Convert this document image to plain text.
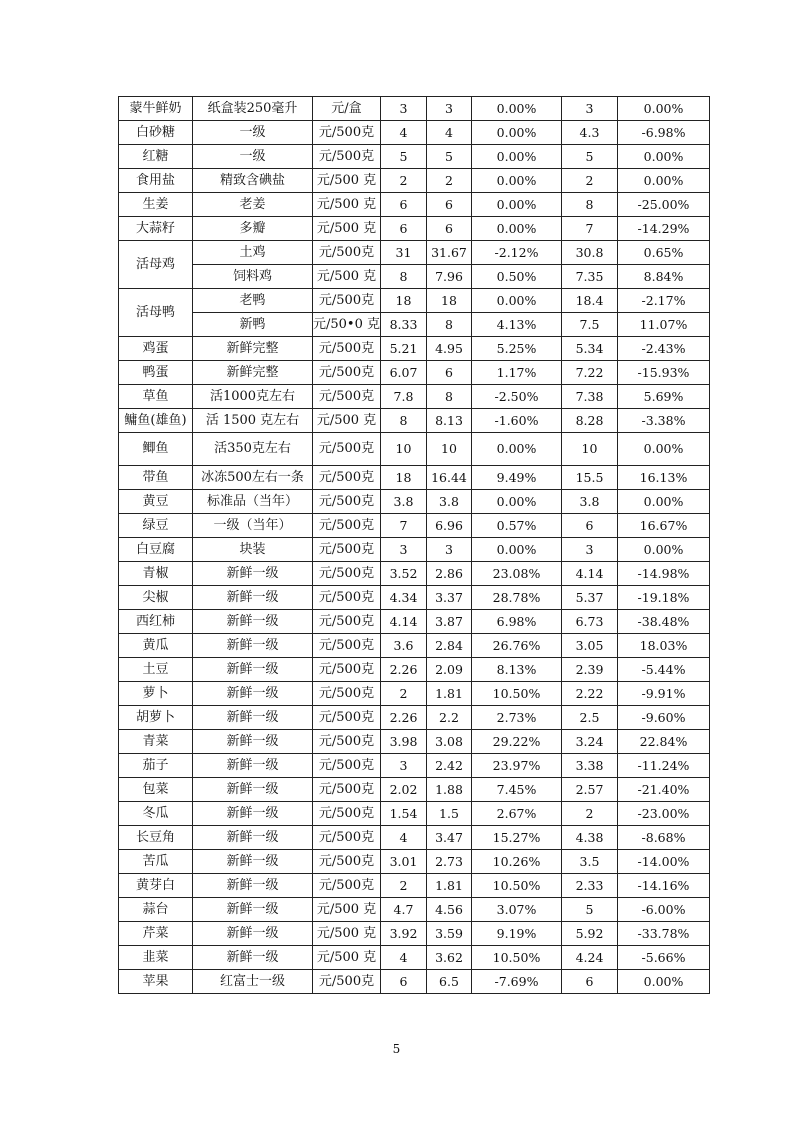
蒙牛鲜奶	纸盒装250毫升	元/盒	3	3	0.00%	3	0.00%
白砂糖	一级	元/500克	4	4	0.00%	4.3	-6.98%
红糖	一级	元/500克	5	5	0.00%	5	0.00%
食用盐	精致含碘盐	元/500 克	2	2	0.00%	2	0.00%
生姜	老姜	元/500 克	6	6	0.00%	8	-25.00%
大蒜籽	多瓣	元/500 克	6	6	0.00%	7	-14.29%
活母鸡	土鸡	元/500克	31	31.67	-2.12%	30.8	0.65%
	饲料鸡	元/500 克	8	7.96	0.50%	7.35	8.84%
活母鸭	老鸭	元/500克	18	18	0.00%	18.4	-2.17%
	新鸭	元/50•0 克	8.33	8	4.13%	7.5	11.07%
鸡蛋	新鲜完整	元/500克	5.21	4.95	5.25%	5.34	-2.43%
鸭蛋	新鲜完整	元/500克	6.07	6	1.17%	7.22	-15.93%
草鱼	活1000克左右	元/500克	7.8	8	-2.50%	7.38	5.69%
鳙鱼(雄鱼)	活 1500 克左右	元/500 克	8	8.13	-1.60%	8.28	-3.38%
鲫鱼	活350克左右	元/500克	10	10	0.00%	10	0.00%
带鱼	冰冻500左右一条	元/500克	18	16.44	9.49%	15.5	16.13%
黄豆	标准品（当年）	元/500克	3.8	3.8	0.00%	3.8	0.00%
绿豆	一级（当年）	元/500克	7	6.96	0.57%	6	16.67%
白豆腐	块装	元/500克	3	3	0.00%	3	0.00%
青椒	新鲜一级	元/500克	3.52	2.86	23.08%	4.14	-14.98%
尖椒	新鲜一级	元/500克	4.34	3.37	28.78%	5.37	-19.18%
西红柿	新鲜一级	元/500克	4.14	3.87	6.98%	6.73	-38.48%
黄瓜	新鲜一级	元/500克	3.6	2.84	26.76%	3.05	18.03%
土豆	新鲜一级	元/500克	2.26	2.09	8.13%	2.39	-5.44%
萝卜	新鲜一级	元/500克	2	1.81	10.50%	2.22	-9.91%
胡萝卜	新鲜一级	元/500克	2.26	2.2	2.73%	2.5	-9.60%
青菜	新鲜一级	元/500克	3.98	3.08	29.22%	3.24	22.84%
茄子	新鲜一级	元/500克	3	2.42	23.97%	3.38	-11.24%
包菜	新鲜一级	元/500克	2.02	1.88	7.45%	2.57	-21.40%
冬瓜	新鲜一级	元/500克	1.54	1.5	2.67%	2	-23.00%
长豆角	新鲜一级	元/500克	4	3.47	15.27%	4.38	-8.68%
苦瓜	新鲜一级	元/500克	3.01	2.73	10.26%	3.5	-14.00%
黄芽白	新鲜一级	元/500克	2	1.81	10.50%	2.33	-14.16%
蒜台	新鲜一级	元/500 克	4.7	4.56	3.07%	5	-6.00%
芹菜	新鲜一级	元/500 克	3.92	3.59	9.19%	5.92	-33.78%
韭菜	新鲜一级	元/500 克	4	3.62	10.50%	4.24	-5.66%
苹果	红富士一级	元/500克	6	6.5	-7.69%	6	0.00%
5
